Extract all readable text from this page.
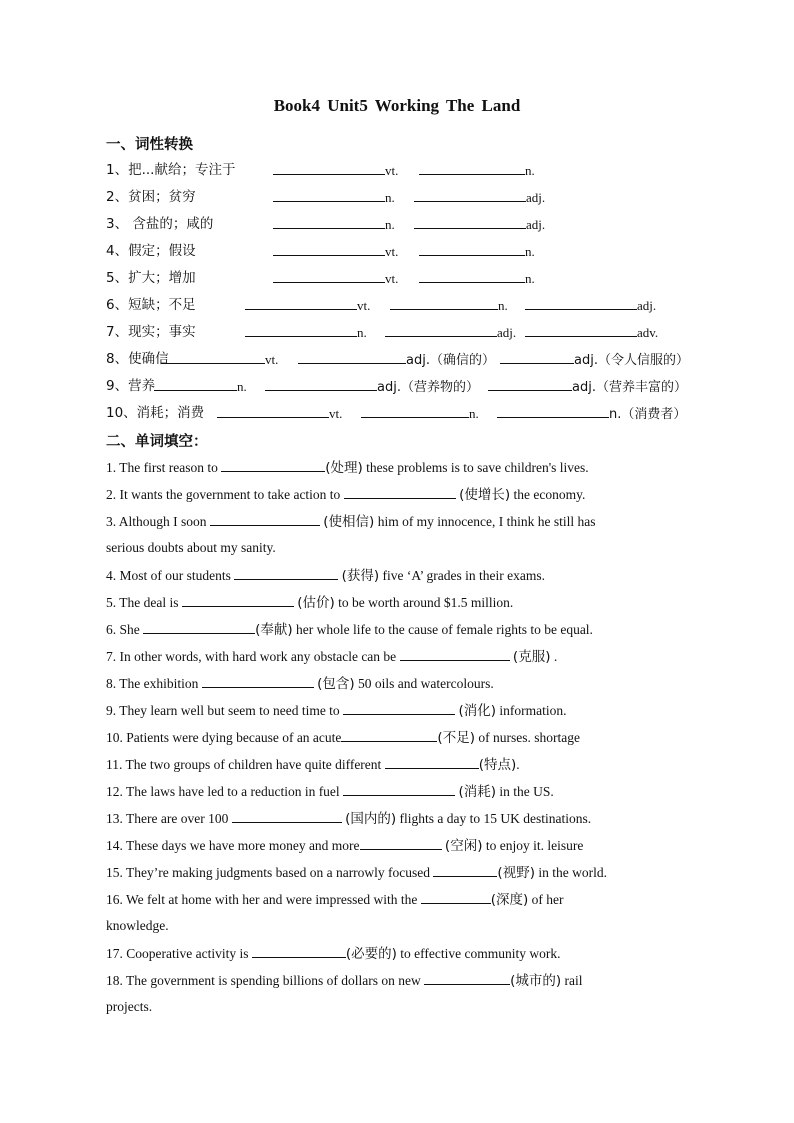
Book4 Unit5 Working The Land
一、词性转换
1、把...献给；专注于	vt.	n.
2、贫困；贫穷	n.	adj.
3、 含盐的；咸的	n.	adj.
4、假定；假设	vt.	n.
5、扩大；增加	vt.	n.
6、短缺；不足	vt.	n.	adj.
7、现实；事实	n.	adj.	adv.
8、使确信	vt.	adj.（确信的）	adj.（令人信服的）
9、营养	n.	adj.（营养物的）	adj.（营养丰富的）
10、消耗；消费	vt.	n.	n.（消费者）
二、单词填空：
1. The first reason to	(处理) these problems is to save children's lives.
2. It wants the government to take action to	(使增长) the economy.
3. Although I soon	(使相信) him of my innocence, I think he still has
serious doubts about my sanity.
4. Most of our students	(获得) five ‘A’ grades in their exams.
5. The deal is	(估价) to be worth around $1.5 million.
6. She	(奉献) her whole life to the cause of female rights to be equal.
7. In other words, with hard work any obstacle can be	(克服) .
8. The exhibition	(包含) 50 oils and watercolours.
9. They learn well but seem to need time to	(消化) information.
10. Patients were dying because of an acute	(不足) of nurses. shortage
11. The two groups of children have quite different	(特点).
12. The laws have led to a reduction in fuel	(消耗) in the US.
13. There are over 100	(国内的) flights a day to 15 UK destinations.
14. These days we have more money and more	(空闲) to enjoy it. leisure
15. They’re making judgments based on a narrowly focused	(视野) in the world.
16. We felt at home with her and were impressed with the	(深度) of her
knowledge.
17. Cooperative activity is	(必要的) to effective community work.
18. The government is spending billions of dollars on new	(城市的) rail
projects.
